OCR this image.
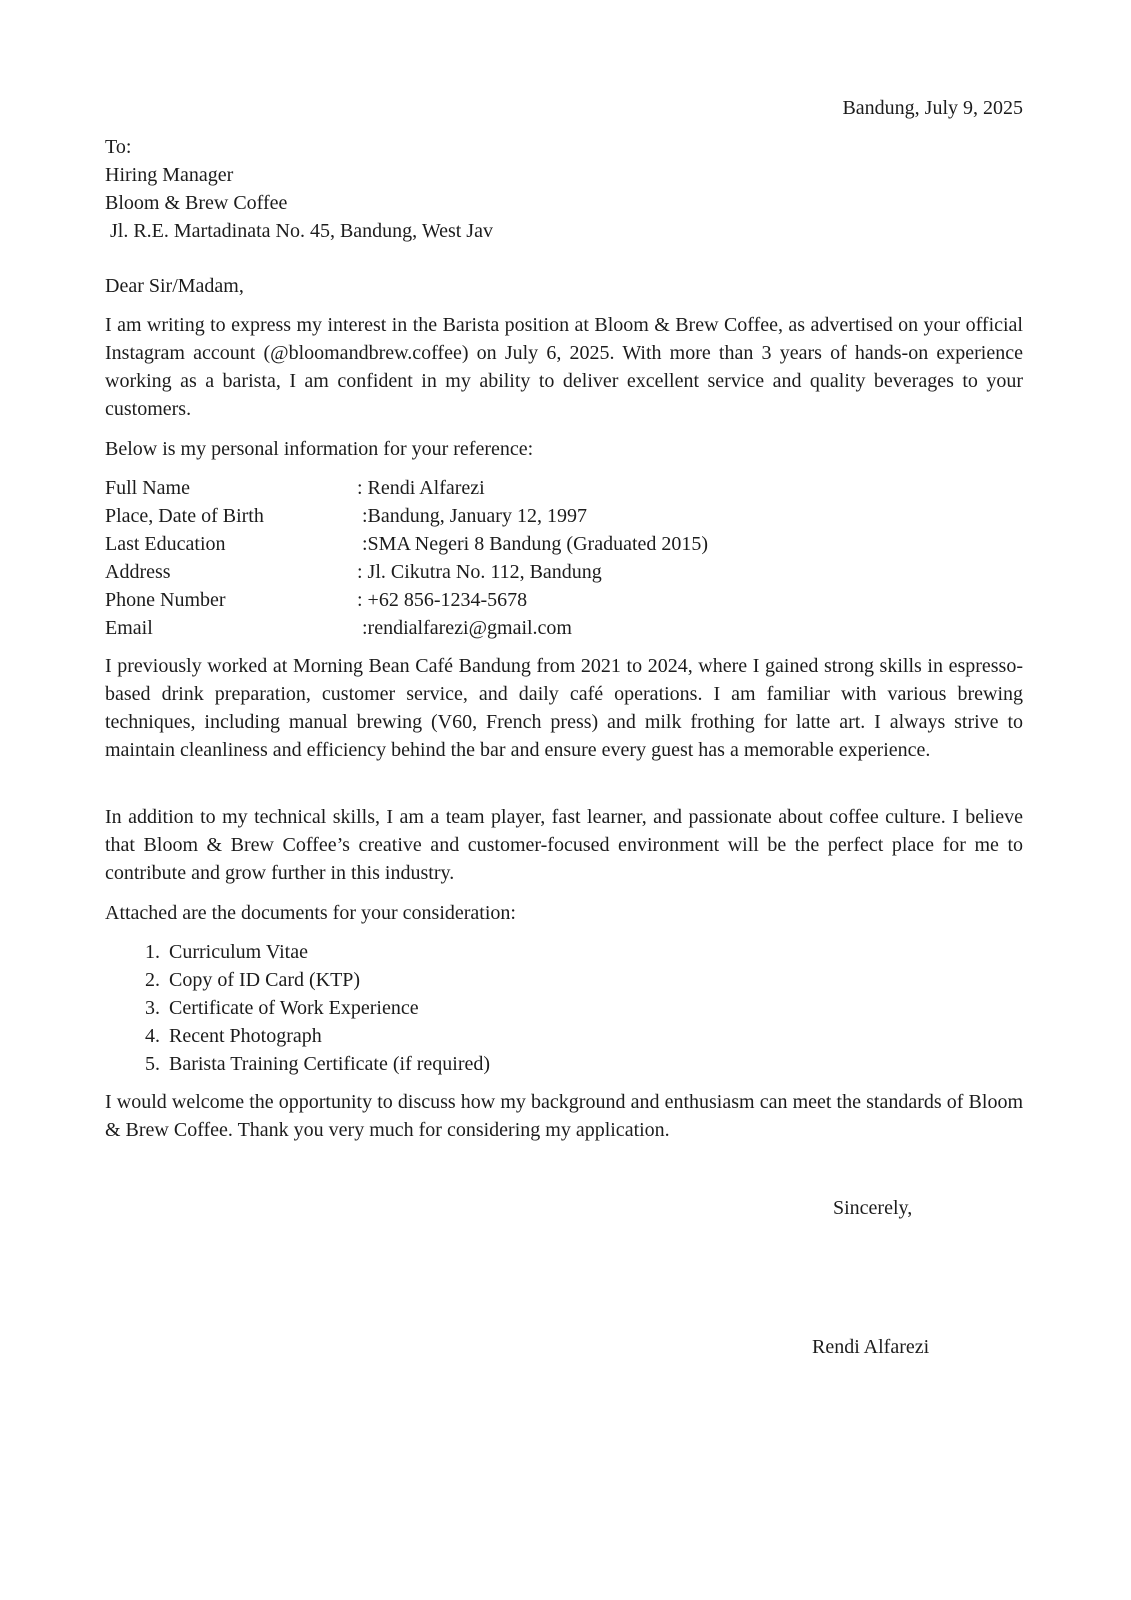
Bandung, July 9, 2025

To:
Hiring Manager
Bloom & Brew Coffee
Jl. R.E. Martadinata No. 45, Bandung, West Jav

Dear Sir/Madam,

I am writing to express my interest in the Barista position at Bloom & Brew Coffee, as advertised on your official Instagram account (@bloomandbrew.coffee) on July 6, 2025. With more than 3 years of hands-on experience working as a barista, I am confident in my ability to deliver excellent service and quality beverages to your customers.

Below is my personal information for your reference:

Full Name	: Rendi Alfarezi
Place, Date of Birth	:Bandung, January 12, 1997
Last Education	:SMA Negeri 8 Bandung (Graduated 2015)
Address	: Jl. Cikutra No. 112, Bandung
Phone Number	: +62 856-1234-5678
Email	:rendialfarezi@gmail.com

I previously worked at Morning Bean Café Bandung from 2021 to 2024, where I gained strong skills in espresso-based drink preparation, customer service, and daily café operations. I am familiar with various brewing techniques, including manual brewing (V60, French press) and milk frothing for latte art. I always strive to maintain cleanliness and efficiency behind the bar and ensure every guest has a memorable experience.

In addition to my technical skills, I am a team player, fast learner, and passionate about coffee culture. I believe that Bloom & Brew Coffee’s creative and customer-focused environment will be the perfect place for me to contribute and grow further in this industry.

Attached are the documents for your consideration:

1. Curriculum Vitae
2. Copy of ID Card (KTP)
3. Certificate of Work Experience
4. Recent Photograph
5. Barista Training Certificate (if required)

I would welcome the opportunity to discuss how my background and enthusiasm can meet the standards of Bloom & Brew Coffee. Thank you very much for considering my application.

Sincerely,

Rendi Alfarezi
